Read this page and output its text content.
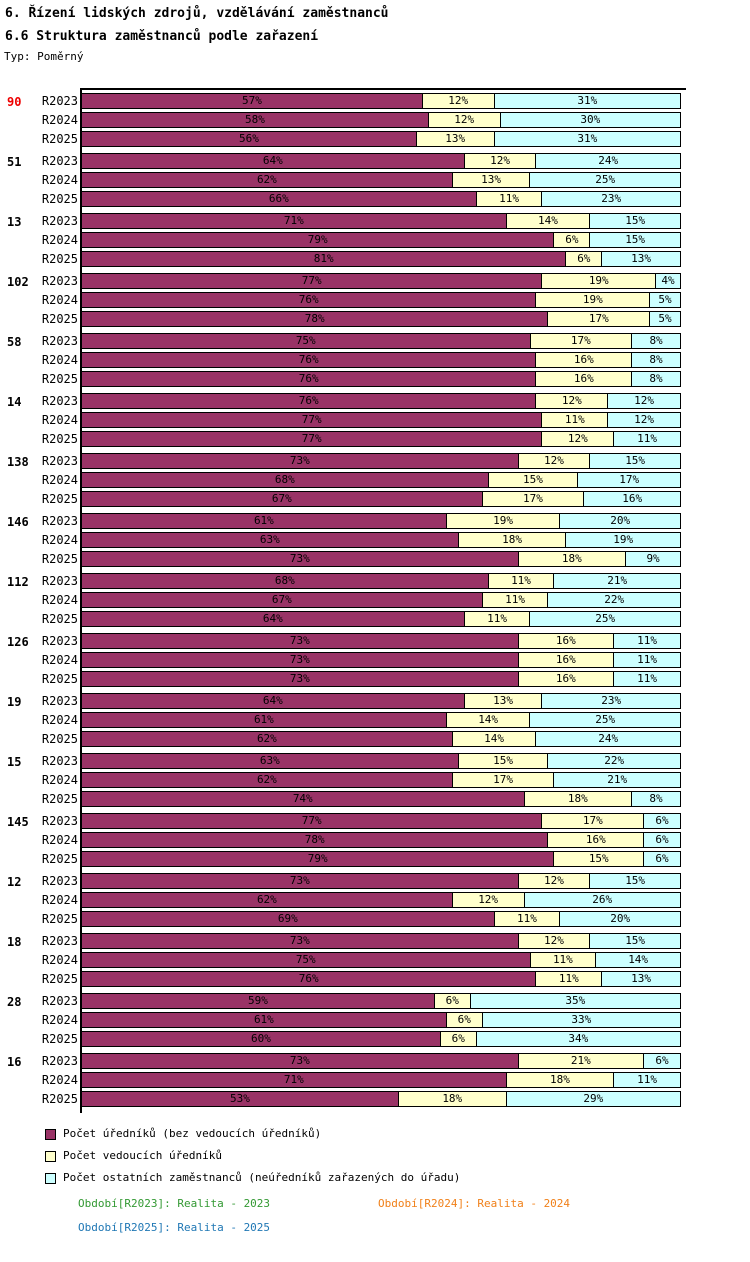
6. Řízení lidských zdrojů, vzdělávání zaměstnanců
6.6 Struktura zaměstnanců podle zařazení
Typ: Poměrný
90	R2023	57%	12%	31%
R2024	58%	12%	30%
R2025	56%	13%	31%
51	R2023	64%	12%	24%
R2024	62%	13%	25%
R2025	66%	11%	23%
13	R2023	71%	14%	15%
R2024	79%	6%	15%
R2025	81%	6%	13%
102	R2023	77%	19%	4%
R2024	76%	19%	5%
R2025	78%	17%	5%
58	R2023	75%	17%	8%
R2024	76%	16%	8%
R2025	76%	16%	8%
14	R2023	76%	12%	12%
R2024	77%	11%	12%
R2025	77%	12%	11%
138	R2023	73%	12%	15%
R2024	68%	15%	17%
R2025	67%	17%	16%
146	R2023	61%	19%	20%
R2024	63%	18%	19%
R2025	73%	18%	9%
112	R2023	68%	11%	21%
R2024	67%	11%	22%
R2025	64%	11%	25%
126	R2023	73%	16%	11%
R2024	73%	16%	11%
R2025	73%	16%	11%
19	R2023	64%	13%	23%
R2024	61%	14%	25%
R2025	62%	14%	24%
15	R2023	63%	15%	22%
R2024	62%	17%	21%
R2025	74%	18%	8%
145	R2023	77%	17%	6%
R2024	78%	16%	6%
R2025	79%	15%	6%
12	R2023	73%	12%	15%
R2024	62%	12%	26%
R2025	69%	11%	20%
18	R2023	73%	12%	15%
R2024	75%	11%	14%
R2025	76%	11%	13%
28	R2023	59%	6%	35%
R2024	61%	6%	33%
R2025	60%	6%	34%
16	R2023	73%	21%	6%
R2024	71%	18%	11%
R2025	53%	18%	29%
Počet úředníků (bez vedoucích úředníků)
Počet vedoucích úředníků
Počet ostatních zaměstnanců (neúředníků zařazených do úřadu)
Období[R2023]: Realita - 2023	Období[R2024]: Realita - 2024
Období[R2025]: Realita - 2025
